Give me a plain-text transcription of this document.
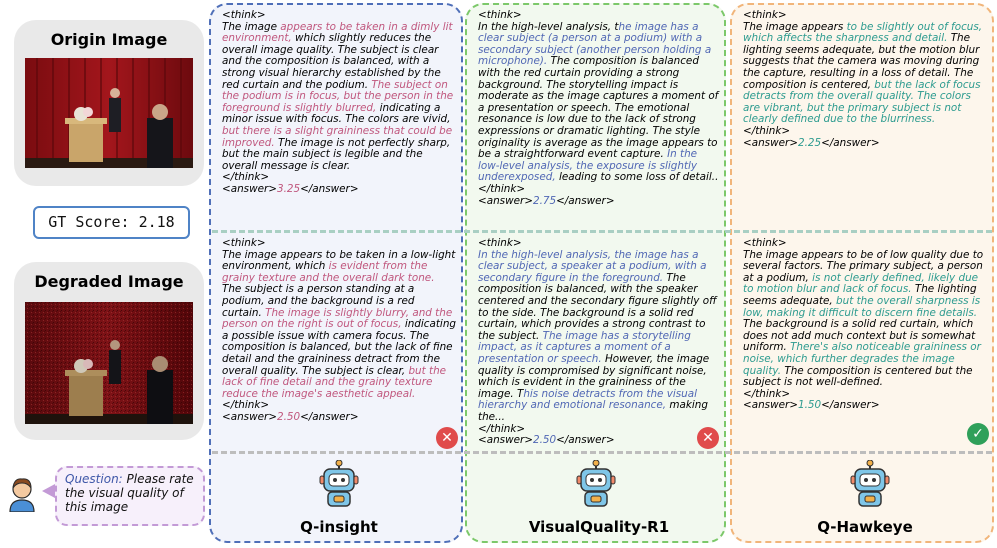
Origin Image
GT Score: 2.18
Degraded Image
Question: Please rate the visual quality of this image
<think>
The image appears to be taken in a dimly lit environment, which slightly reduces the overall image quality. The subject is clear and the composition is balanced, with a strong visual hierarchy established by the red curtain and the podium. The subject on the podium is in focus, but the person in the foreground is slightly blurred, indicating a minor issue with focus. The colors are vivid, but there is a slight graininess that could be improved. The image is not perfectly sharp, but the main subject is legible and the overall message is clear.
</think>
<answer>3.25</answer>
<think>
In the high-level analysis, the image has a clear subject (a person at a podium) with a secondary subject (another person holding a microphone). The composition is balanced with the red curtain providing a strong background. The storytelling impact is moderate as the image captures a moment of a presentation or speech. The emotional resonance is low due to the lack of strong expressions or dramatic lighting. The style originality is average as the image appears to be a straightforward event capture. In the low-level analysis, the exposure is slightly underexposed, leading to some loss of detail..
</think>
<answer>2.75</answer>
<think>
The image appears to be slightly out of focus, which affects the sharpness and detail. The lighting seems adequate, but the motion blur suggests that the camera was moving during the capture, resulting in a loss of detail. The composition is centered, but the lack of focus detracts from the overall quality. The colors are vibrant, but the primary subject is not clearly defined due to the blurriness.
</think>
<answer>2.25</answer>
<think>
The image appears to be taken in a low-light environment, which is evident from the grainy texture and the overall dark tone. The subject is a person standing at a podium, and the background is a red curtain. The image is slightly blurry, and the person on the right is out of focus, indicating a possible issue with camera focus. The composition is balanced, but the lack of fine detail and the graininess detract from the overall quality. The subject is clear, but the lack of fine detail and the grainy texture reduce the image's aesthetic appeal.
</think>
<answer>2.50</answer>
<think>
In the high-level analysis, the image has a clear subject, a speaker at a podium, with a secondary figure in the foreground. The composition is balanced, with the speaker centered and the secondary figure slightly off to the side. The background is a solid red curtain, which provides a strong contrast to the subject. The image has a storytelling impact, as it captures a moment of a presentation or speech. However, the image quality is compromised by significant noise, which is evident in the graininess of the image. This noise detracts from the visual hierarchy and emotional resonance, making the...
</think>
<answer>2.50</answer>
<think>
The image appears to be of low quality due to several factors. The primary subject, a person at a podium, is not clearly defined, likely due to motion blur and lack of focus. The lighting seems adequate, but the overall sharpness is low, making it difficult to discern fine details. The background is a solid red curtain, which does not add much context but is somewhat uniform. There's also noticeable graininess or noise, which further degrades the image quality. The composition is centered but the subject is not well-defined.
</think>
<answer>1.50</answer>
✕	✕	✓
Q-insight	VisualQuality-R1	Q-Hawkeye
